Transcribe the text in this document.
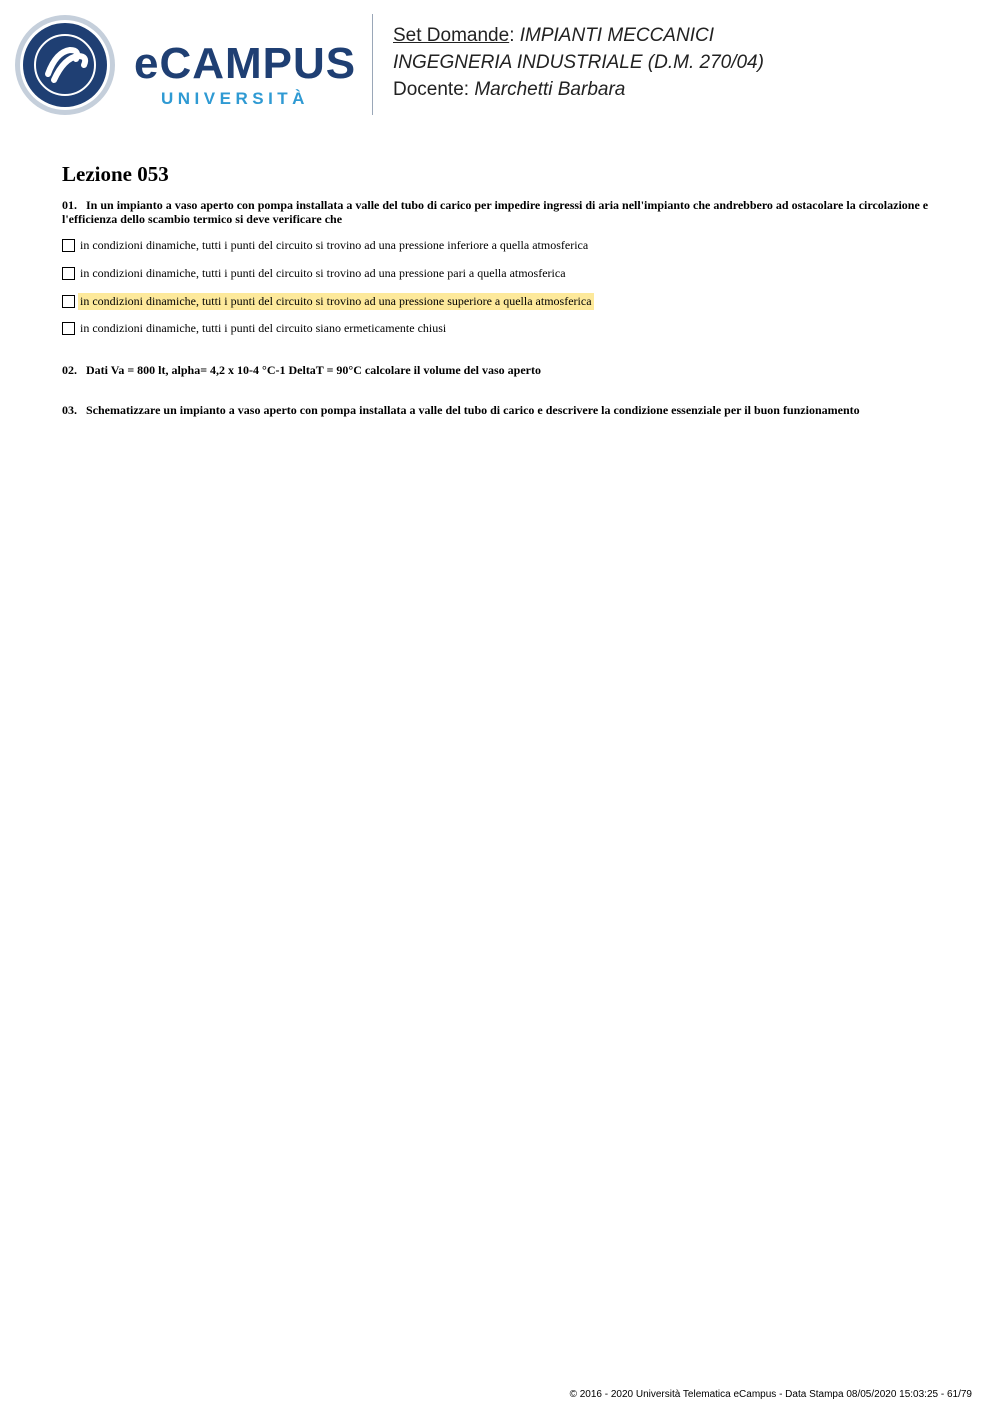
eCAMPUS
UNIVERSITÀ
Set Domande: IMPIANTI MECCANICI
INGEGNERIA INDUSTRIALE (D.M. 270/04)
Docente: Marchetti Barbara
Lezione 053
01. In un impianto a vaso aperto con pompa installata a valle del tubo di carico per impedire ingressi di aria nell'impianto che andrebbero ad ostacolare la circolazione e l'efficienza dello scambio termico si deve verificare che
in condizioni dinamiche, tutti i punti del circuito si trovino ad una pressione inferiore a quella atmosferica
in condizioni dinamiche, tutti i punti del circuito si trovino ad una pressione pari a quella atmosferica
in condizioni dinamiche, tutti i punti del circuito si trovino ad una pressione superiore a quella atmosferica
in condizioni dinamiche, tutti i punti del circuito siano ermeticamente chiusi
02. Dati Va = 800 lt, alpha= 4,2 x 10-4 °C-1 DeltaT = 90°C calcolare il volume del vaso aperto
03. Schematizzare un impianto a vaso aperto con pompa installata a valle del tubo di carico e descrivere la condizione essenziale per il buon funzionamento
© 2016 - 2020 Università Telematica eCampus - Data Stampa 08/05/2020 15:03:25 - 61/79
